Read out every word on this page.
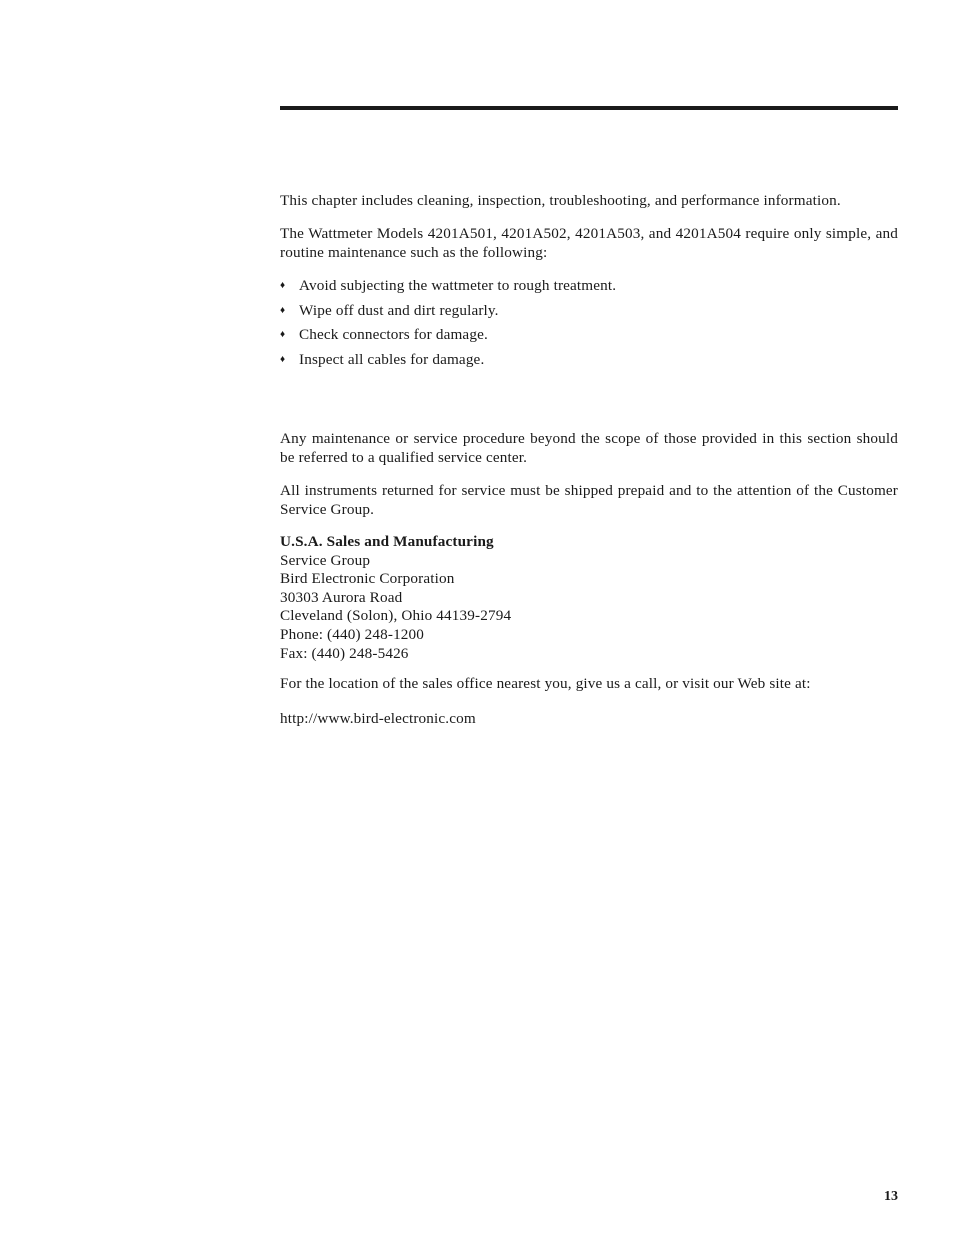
This chapter includes cleaning, inspection, troubleshooting, and performance information.

The Wattmeter Models 4201A501, 4201A502, 4201A503, and 4201A504 require only simple, and routine maintenance such as the following:

♦ Avoid subjecting the wattmeter to rough treatment.
♦ Wipe off dust and dirt regularly.
♦ Check connectors for damage.
♦ Inspect all cables for damage.

Any maintenance or service procedure beyond the scope of those provided in this section should be referred to a qualified service center.

All instruments returned for service must be shipped prepaid and to the attention of the Customer Service Group.

U.S.A. Sales and Manufacturing
Service Group
Bird Electronic Corporation
30303 Aurora Road
Cleveland (Solon), Ohio 44139-2794
Phone: (440) 248-1200
Fax: (440) 248-5426

For the location of the sales office nearest you, give us a call, or visit our Web site at:

http://www.bird-electronic.com
13
